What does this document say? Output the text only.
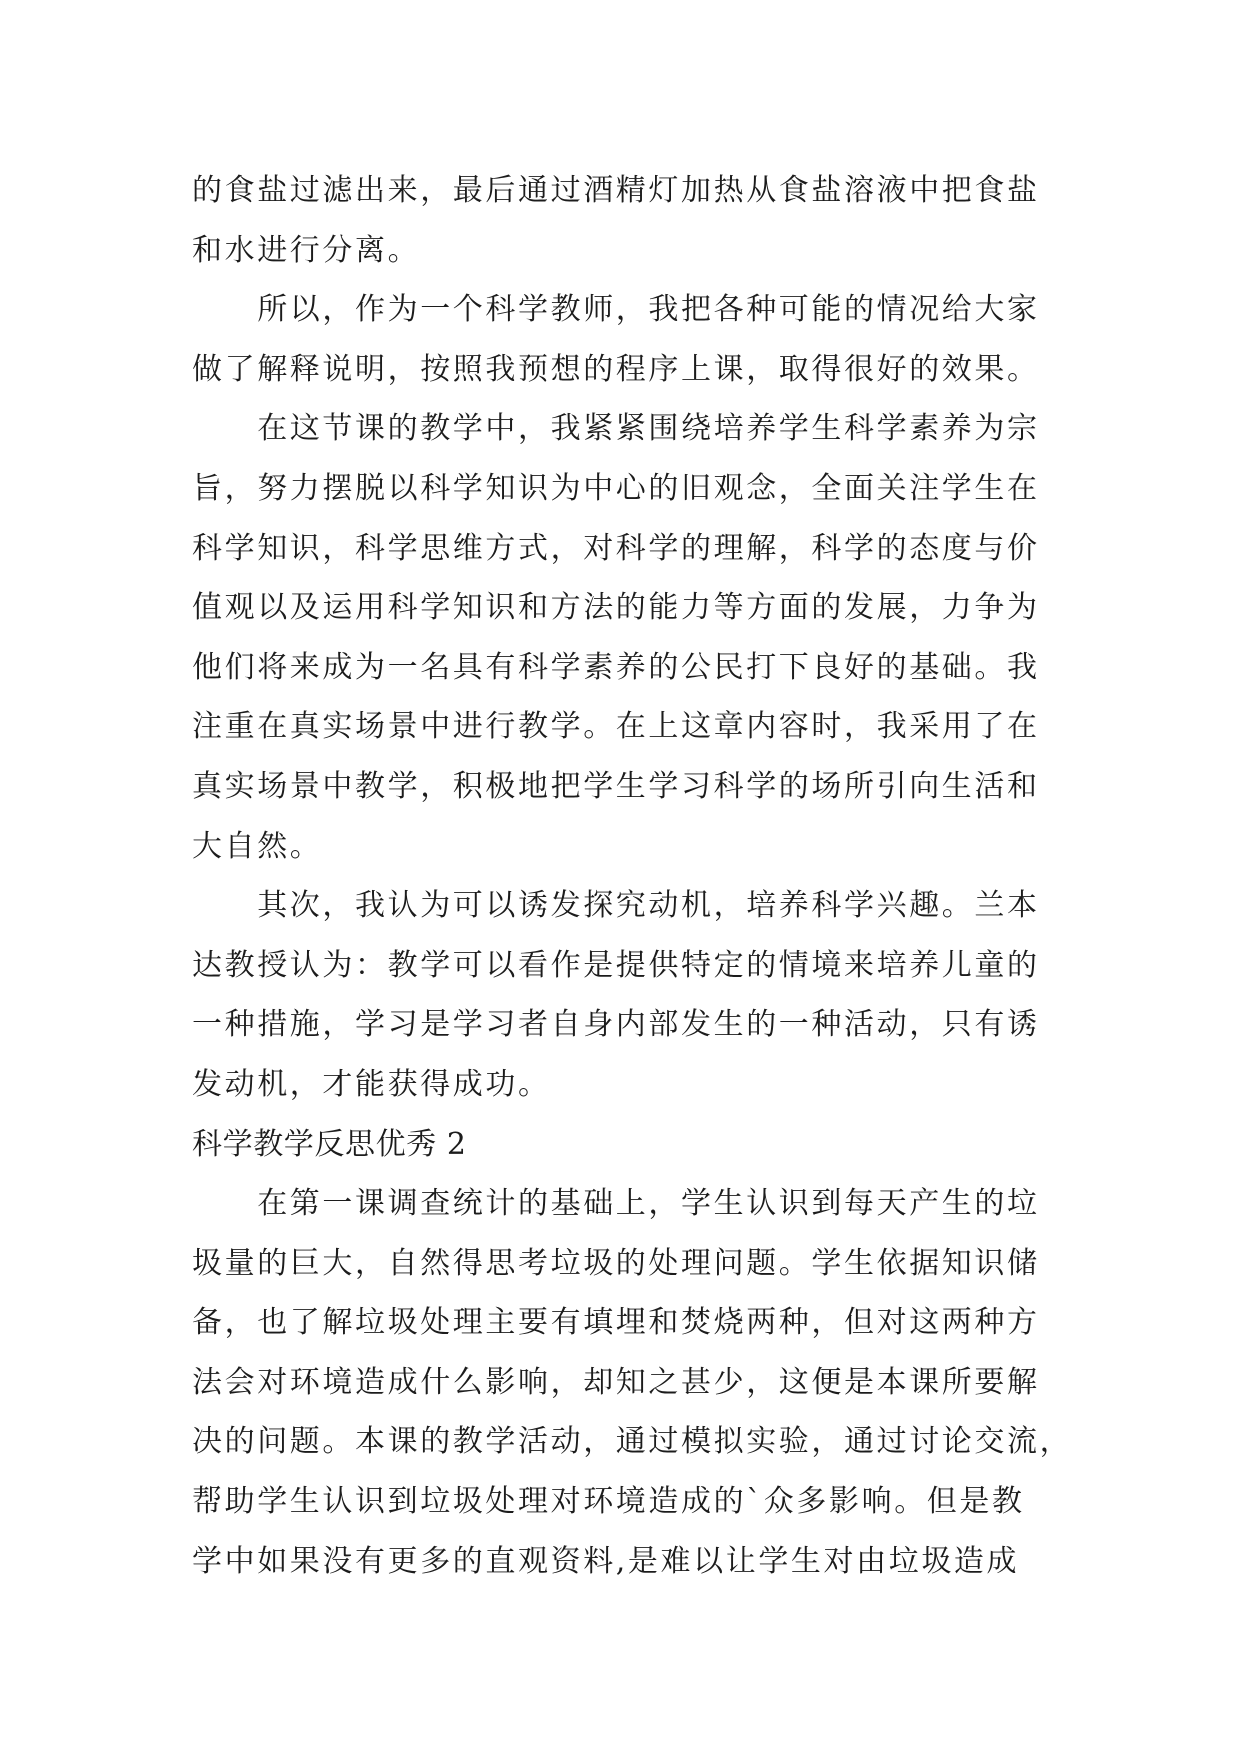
的食盐过滤出来，最后通过酒精灯加热从食盐溶液中把食盐
和水进行分离。
　　所以，作为一个科学教师，我把各种可能的情况给大家
做了解释说明，按照我预想的程序上课，取得很好的效果。
　　在这节课的教学中，我紧紧围绕培养学生科学素养为宗
旨，努力摆脱以科学知识为中心的旧观念，全面关注学生在
科学知识，科学思维方式，对科学的理解，科学的态度与价
值观以及运用科学知识和方法的能力等方面的发展，力争为
他们将来成为一名具有科学素养的公民打下良好的基础。我
注重在真实场景中进行教学。在上这章内容时，我采用了在
真实场景中教学，积极地把学生学习科学的场所引向生活和
大自然。
　　其次，我认为可以诱发探究动机，培养科学兴趣。兰本
达教授认为：教学可以看作是提供特定的情境来培养儿童的
一种措施，学习是学习者自身内部发生的一种活动，只有诱
发动机，才能获得成功。
科学教学反思优秀 2
　　在第一课调查统计的基础上，学生认识到每天产生的垃
圾量的巨大，自然得思考垃圾的处理问题。学生依据知识储
备，也了解垃圾处理主要有填埋和焚烧两种，但对这两种方
法会对环境造成什么影响，却知之甚少，这便是本课所要解
决的问题。本课的教学活动，通过模拟实验，通过讨论交流，
帮助学生认识到垃圾处理对环境造成的`众多影响。但是教
学中如果没有更多的直观资料,是难以让学生对由垃圾造成
